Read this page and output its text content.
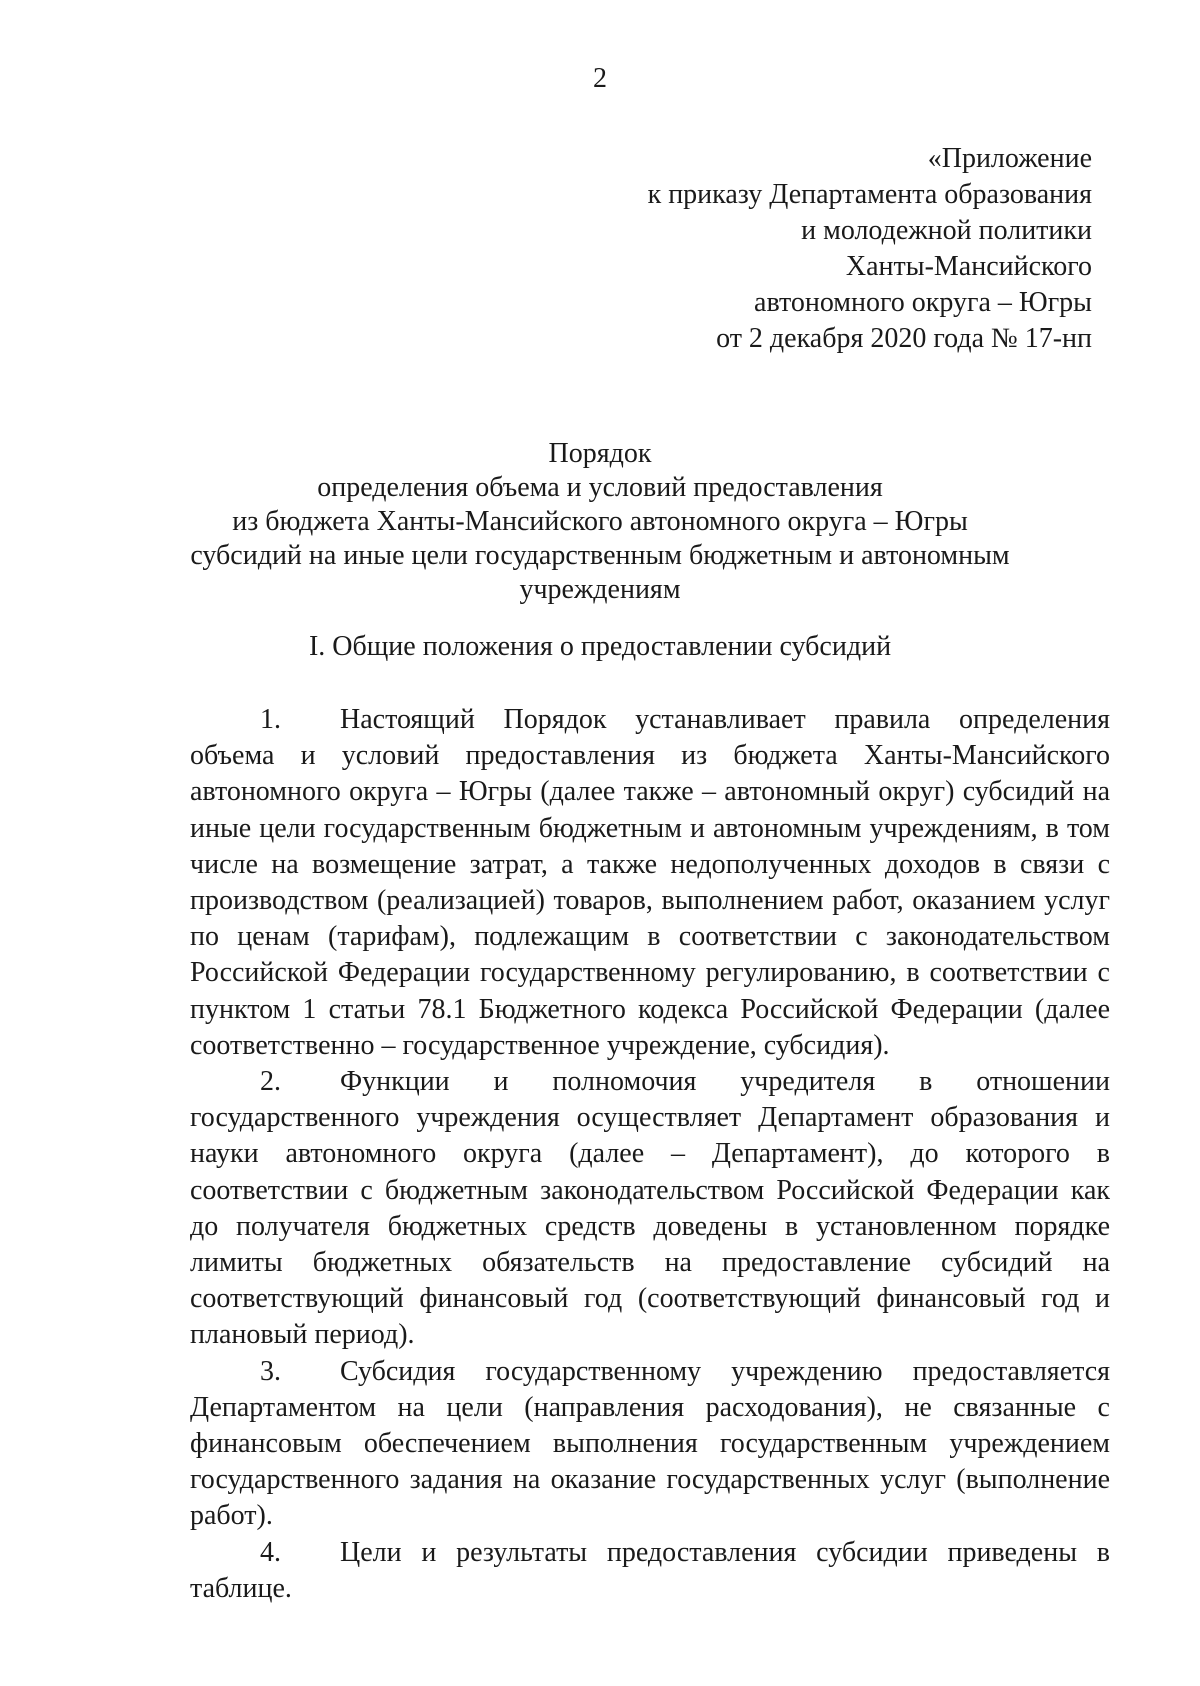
2
«Приложение
к приказу Департамента образования
и молодежной политики
Ханты-Мансийского
автономного округа – Югры
от 2 декабря 2020 года № 17-нп
Порядок
определения объема и условий предоставления
из бюджета Ханты-Мансийского автономного округа – Югры
субсидий на иные цели государственным бюджетным и автономным
учреждениям
I. Общие положения о предоставлении субсидий

1. Настоящий Порядок устанавливает правила определения объема и условий предоставления из бюджета Ханты-Мансийского автономного округа – Югры (далее также – автономный округ) субсидий на иные цели государственным бюджетным и автономным учреждениям, в том числе на возмещение затрат, а также недополученных доходов в связи с производством (реализацией) товаров, выполнением работ, оказанием услуг по ценам (тарифам), подлежащим в соответствии с законодательством Российской Федерации государственному регулированию, в соответствии с пунктом 1 статьи 78.1 Бюджетного кодекса Российской Федерации (далее соответственно – государственное учреждение, субсидия).

2. Функции и полномочия учредителя в отношении государственного учреждения осуществляет Департамент образования и науки автономного округа (далее – Департамент), до которого в соответствии с бюджетным законодательством Российской Федерации как до получателя бюджетных средств доведены в установленном порядке лимиты бюджетных обязательств на предоставление субсидий на соответствующий финансовый год (соответствующий финансовый год и плановый период).

3. Субсидия государственному учреждению предоставляется Департаментом на цели (направления расходования), не связанные с финансовым обеспечением выполнения государственным учреждением государственного задания на оказание государственных услуг (выполнение работ).

4. Цели и результаты предоставления субсидии приведены в таблице.
